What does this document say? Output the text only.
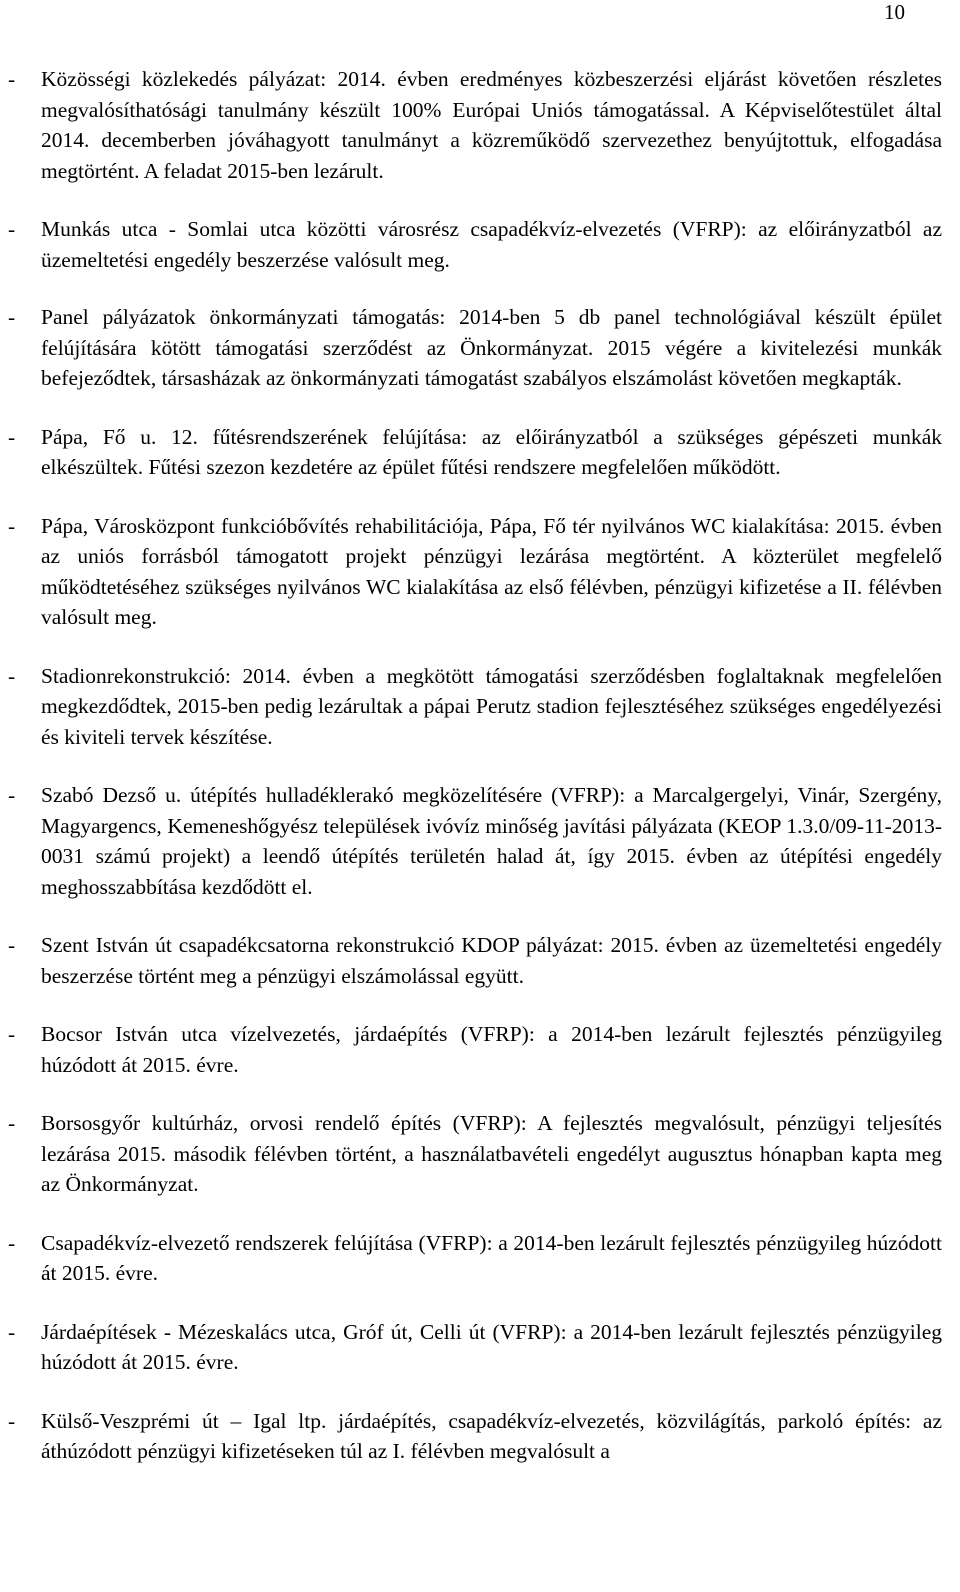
10
-	Közösségi közlekedés pályázat: 2014. évben eredményes közbeszerzési eljárást követően részletes megvalósíthatósági tanulmány készült 100% Európai Uniós támogatással. A Képviselőtestület által 2014. decemberben jóváhagyott tanulmányt a közreműködő szervezethez benyújtottuk, elfogadása megtörtént. A feladat 2015-ben lezárult.
-	Munkás utca - Somlai utca közötti városrész csapadékvíz-elvezetés (VFRP): az előirányzatból az üzemeltetési engedély beszerzése valósult meg.
-	Panel pályázatok önkormányzati támogatás: 2014-ben 5 db panel technológiával készült épület felújítására kötött támogatási szerződést az Önkormányzat. 2015 végére a kivitelezési munkák befejeződtek, társasházak az önkormányzati támogatást szabályos elszámolást követően megkapták.
-	Pápa, Fő u. 12. fűtésrendszerének felújítása: az előirányzatból a szükséges gépészeti munkák elkészültek. Fűtési szezon kezdetére az épület fűtési rendszere megfelelően működött.
-	Pápa, Városközpont funkcióbővítés rehabilitációja, Pápa, Fő tér nyilvános WC kialakítása: 2015. évben az uniós forrásból támogatott projekt pénzügyi lezárása megtörtént. A közterület megfelelő működtetéséhez szükséges nyilvános WC kialakítása az első félévben, pénzügyi kifizetése a II. félévben valósult meg.
-	Stadionrekonstrukció: 2014. évben a megkötött támogatási szerződésben foglaltaknak megfelelően megkezdődtek, 2015-ben pedig lezárultak a pápai Perutz stadion fejlesztéséhez szükséges engedélyezési és kiviteli tervek készítése.
-	Szabó Dezső u. útépítés hulladéklerakó megközelítésére (VFRP): a Marcalgergelyi, Vinár, Szergény, Magyargencs, Kemeneshőgyész települések ivóvíz minőség javítási pályázata (KEOP 1.3.0/09-11-2013-0031 számú projekt) a leendő útépítés területén halad át, így 2015. évben az útépítési engedély meghosszabbítása kezdődött el.
-	Szent István út csapadékcsatorna rekonstrukció KDOP pályázat: 2015. évben az üzemeltetési engedély beszerzése történt meg a pénzügyi elszámolással együtt.
-	Bocsor István utca vízelvezetés, járdaépítés (VFRP): a 2014-ben lezárult fejlesztés pénzügyileg húzódott át 2015. évre.
-	Borsosgyőr kultúrház, orvosi rendelő építés (VFRP): A fejlesztés megvalósult, pénzügyi teljesítés lezárása 2015. második félévben történt, a használatbavételi engedélyt augusztus hónapban kapta meg az Önkormányzat.
-	Csapadékvíz-elvezető rendszerek felújítása (VFRP): a 2014-ben lezárult fejlesztés pénzügyileg húzódott át 2015. évre.
-	Járdaépítések - Mézeskalács utca, Gróf út, Celli út (VFRP): a 2014-ben lezárult fejlesztés pénzügyileg húzódott át 2015. évre.
-	Külső-Veszprémi út – Igal ltp. járdaépítés, csapadékvíz-elvezetés, közvilágítás, parkoló építés: az áthúzódott pénzügyi kifizetéseken túl az I. félévben megvalósult a
